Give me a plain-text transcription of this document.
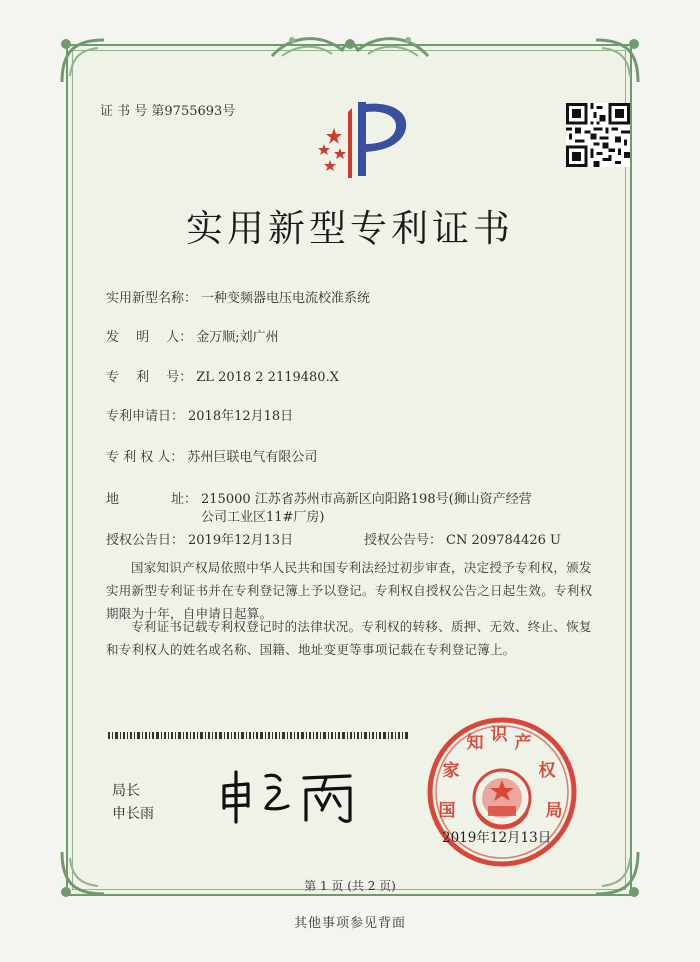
证 书 号 第9755693号
实用新型专利证书
实用新型名称： 一种变频器电压电流校准系统
发　 明　 人： 金万顺;刘广州
专　 利　 号： ZL 2018 2 2119480.X
专利申请日： 2018年12月18日
专 利 权 人： 苏州巨联电气有限公司
地　　　　址： 215000 江苏省苏州市高新区向阳路198号(狮山资产经营
公司工业区11#厂房)
授权公告日： 2019年12月13日	授权公告号： CN 209784426 U
国家知识产权局依照中华人民共和国专利法经过初步审查，决定授予专利权，颁发实用新型专利证书并在专利登记簿上予以登记。专利权自授权公告之日起生效。专利权期限为十年，自申请日起算。
专利证书记载专利权登记时的法律状况。专利权的转移、质押、无效、终止、恢复和专利权人的姓名或名称、国籍、地址变更等事项记载在专利登记簿上。
局长
申长雨	国 家 知 识 产 权 局
2019年12月13日
第 1 页 (共 2 页)
其他事项参见背面
